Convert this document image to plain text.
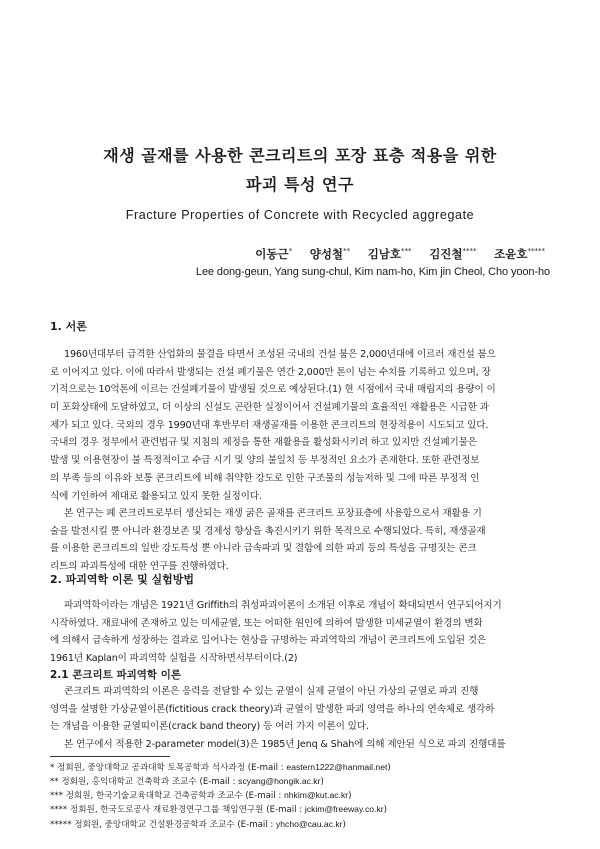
재생 골재를 사용한 콘크리트의 포장 표층 적용을 위한
파괴 특성 연구
Fracture Properties of Concrete with Recycled aggregate
이동근* 양성철** 김남호*** 김진철**** 조윤호*****
Lee dong-geun, Yang sung-chul, Kim nam-ho, Kim jin Cheol, Cho yoon-ho
1. 서론
1960년대부터 급격한 산업화의 물결을 타면서 조성된 국내의 건설 붐은 2,000년대에 이르러 재건설 붐으
로 이어지고 있다. 이에 따라서 발생되는 건설 폐기물은 연간 2,000만 톤이 넘는 수치를 기록하고 있으며, 장
기적으로는 10억톤에 이르는 건설폐기물이 발생될 것으로 예상된다.(1) 현 시점에서 국내 매립지의 용량이 이
미 포화상태에 도달하였고, 더 이상의 신설도 곤란한 실정이어서 건설폐기물의 효율적인 재활용은 시급한 과
제가 되고 있다. 국외의 경우 1990년대 후반부터 재생골재를 이용한 콘크리트의 현장적용이 시도되고 있다.
국내의 경우 정부에서 관련법규 및 지침의 제정을 통한 재활용을 활성화시키려 하고 있지만 건설폐기물은
발생 및 이용현장이 불 특정적이고 수급 시기 및 양의 불일치 등 부정적인 요소가 존재한다. 또한 관련정보
의 부족 등의 이유와 보통 콘크리트에 비해 취약한 강도로 인한 구조물의 성능저하 및 그에 따른 부정적 인
식에 기인하여 제대로 활용되고 있지 못한 실정이다.
본 연구는 폐 콘크리트로부터 생산되는 재생 굵은 골재를 콘크리트 포장표층에 사용함으로서 재활용 기
술을 발전시킬 뿐 아니라 환경보존 및 경제성 향상을 촉진시키기 위한 목적으로 수행되었다. 특히, 재생골재
를 이용한 콘크리트의 일반 강도특성 뿐 아니라 급속파괴 및 결함에 의한 파괴 등의 특성을 규명짓는 콘크
리트의 파괴특성에 대한 연구를 진행하였다.
2. 파괴역학 이론 및 실험방법
파괴역학이라는 개념은 1921년 Griffith의 취성파괴이론이 소개된 이후로 개념이 확대되면서 연구되어지기
시작하였다. 재료내에 존재하고 있는 미세균열, 또는 어떠한 원인에 의하여 발생한 미세균열이 환경의 변화
에 의해서 급속하게 성장하는 결과로 일어나는 현상을 규명하는 파괴역학의 개념이 콘크리트에 도입된 것은
1961년 Kaplan이 파괴역학 실험을 시작하면서부터이다.(2)
2.1 콘크리트 파괴역학 이론
콘크리트 파괴역학의 이론은 응력을 전달할 수 있는 균열이 실제 균열이 아닌 가상의 균열로 파괴 진행
영역을 설명한 가상균열이론(fictitious crack theory)과 균열이 발생한 파괴 영역을 하나의 연속체로 생각하
는 개념을 이용한 균열띠이론(crack band theory) 등 여러 가지 이론이 있다.
본 연구에서 적용한 2-parameter model(3)은 1985년 Jenq & Shah에 의해 제안된 식으로 파괴 진행대를
* 정회원, 중앙대학교 공과대학 토목공학과 석사과정 (E-mail : eastern1222@hanmail.net)
** 정회원, 홍익대학교 건축학과 조교수 (E-mail : scyang@hongik.ac.kr)
*** 정회원, 한국기술교육대학교 건축공학과 조교수 (E-mail : nhkim@kut.ac.kr)
**** 정회원, 한국도로공사 재료환경연구그룹 책임연구원 (E-mail : jckim@freeway.co.kr)
***** 정회원, 중앙대학교 건설환경공학과 조교수 (E-mail : yhcho@cau.ac.kr)
